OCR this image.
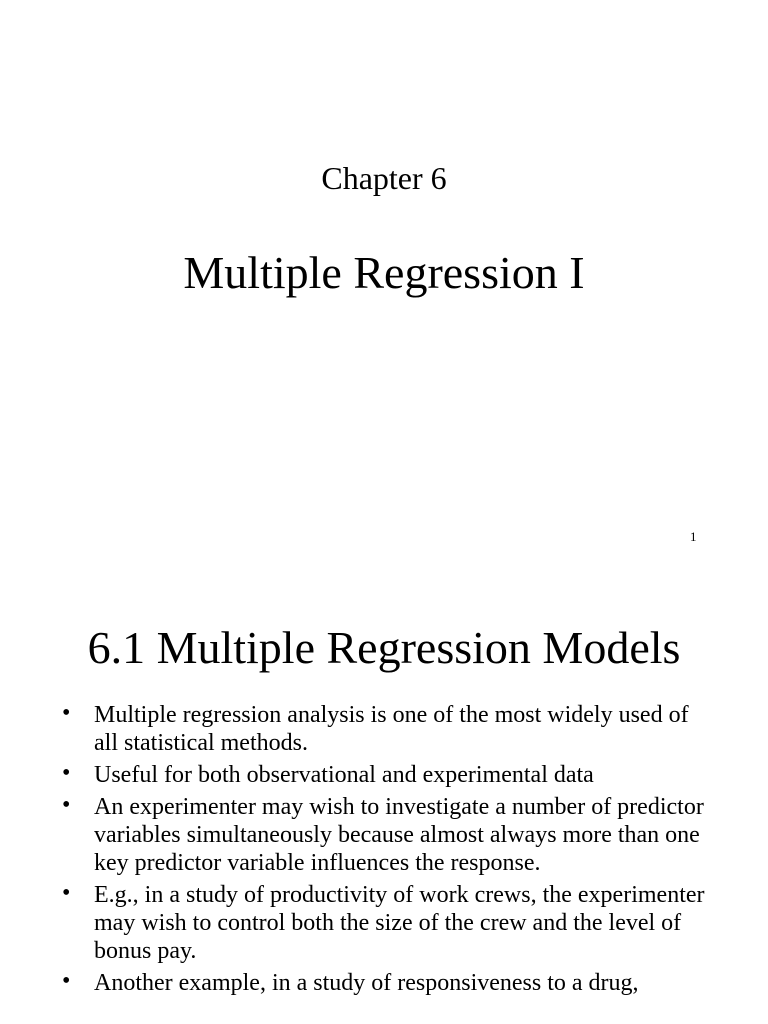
Chapter 6
Multiple Regression I
1
6.1 Multiple Regression Models
• Multiple regression analysis is one of the most widely used of all statistical methods.
• Useful for both observational and experimental data
• An experimenter may wish to investigate a number of predictor variables simultaneously because almost always more than one key predictor variable influences the response.
• E.g., in a study of productivity of work crews, the experimenter may wish to control both the size of the crew and the level of bonus pay.
• Another example, in a study of responsiveness to a drug,
